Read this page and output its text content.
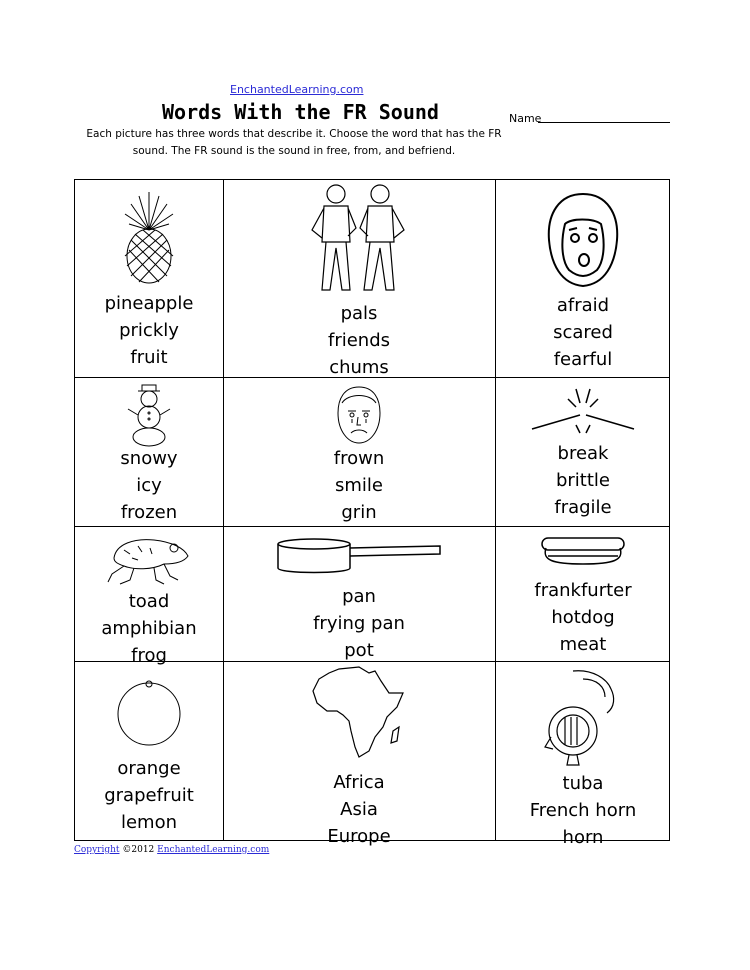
EnchantedLearning.com
Words With the FR Sound	Name
Each picture has three words that describe it. Choose the word that has the FR sound. The FR sound is the sound in free, from, and befriend.
pineapple
prickly
fruit
pals
friends
chums
afraid
scared
fearful
snowy
icy
frozen
frown
smile
grin
break
brittle
fragile
toad
amphibian
frog
pan
frying pan
pot
frankfurter
hotdog
meat
orange
grapefruit
lemon
Africa
Asia
Europe
tuba
French horn
horn
Copyright ©2012 EnchantedLearning.com
